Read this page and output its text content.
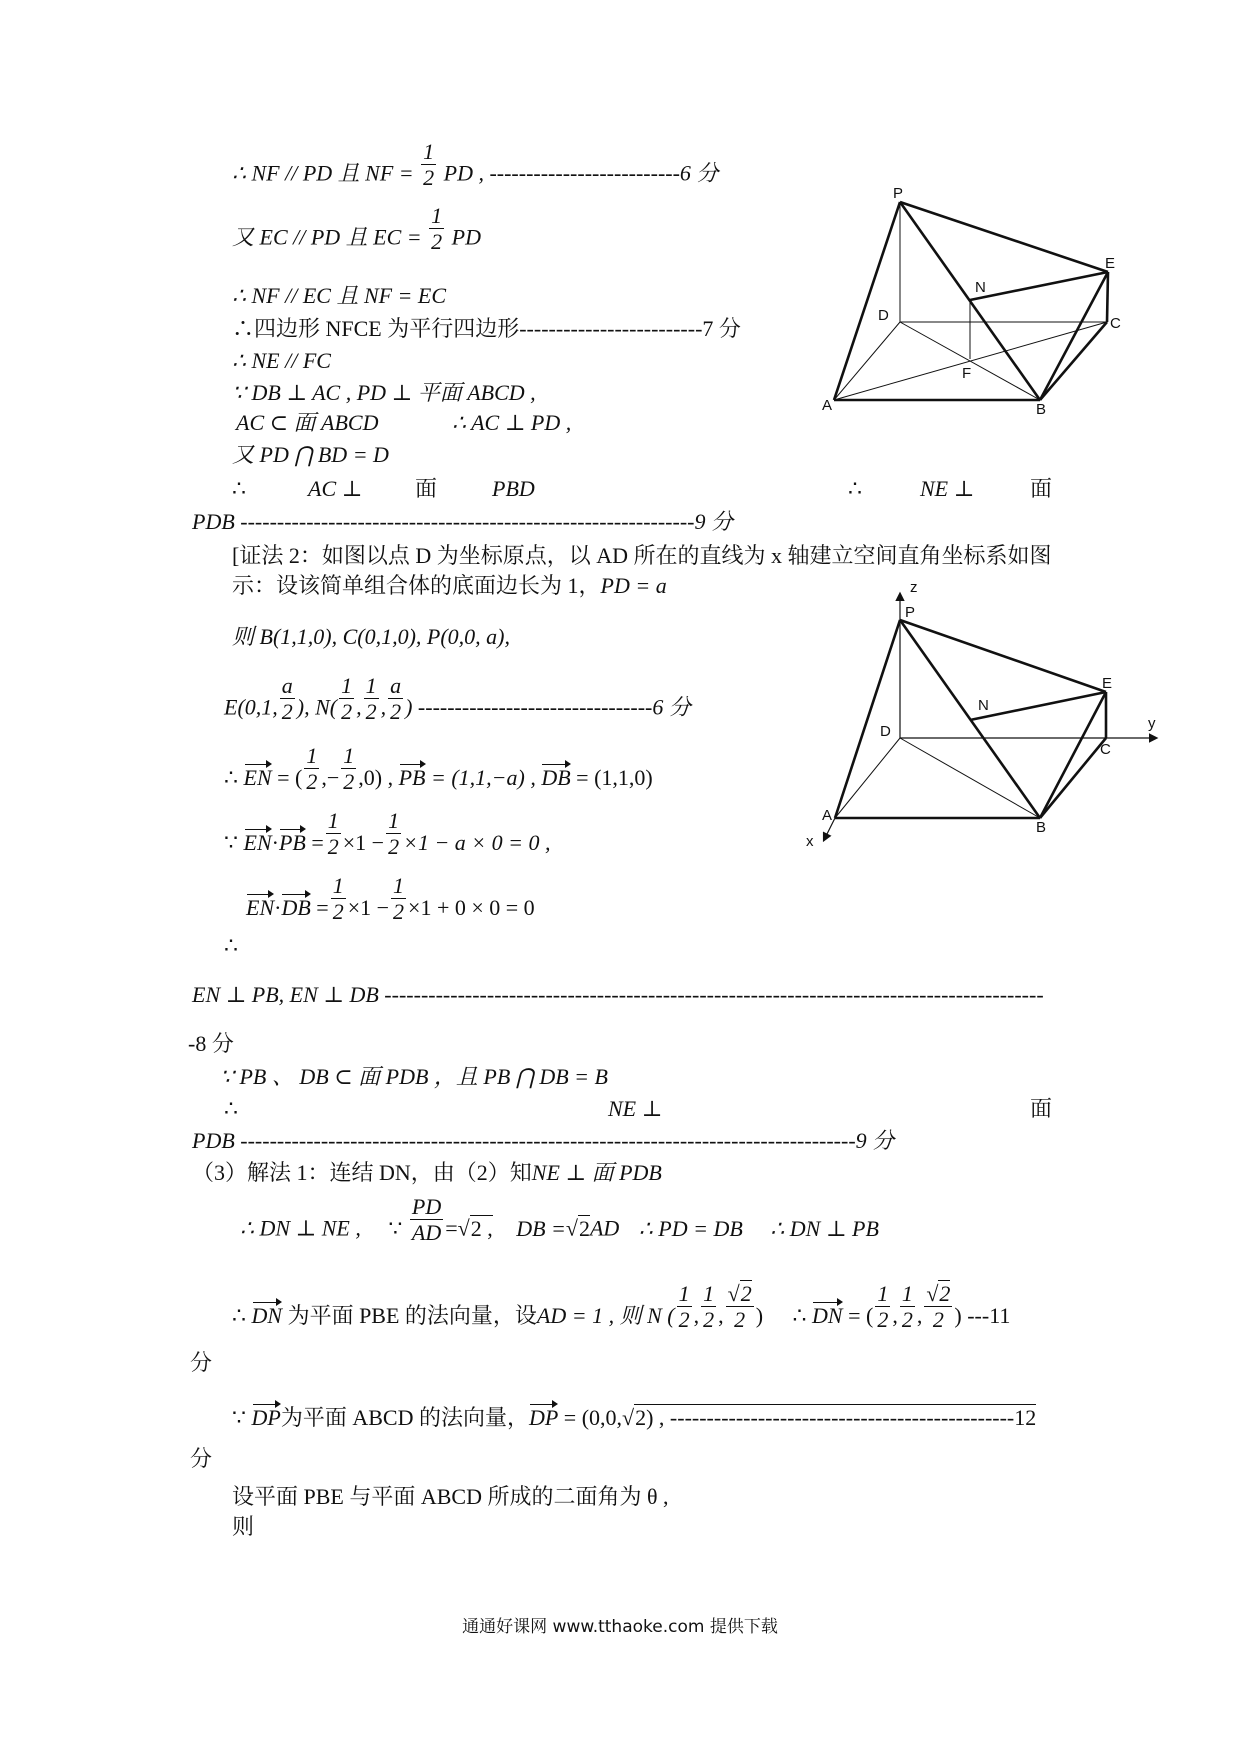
∴ NF // PD 且 NF = $\frac{1}{2}$ PD , --------------------------6 分
又 EC // PD 且 EC = $\frac{1}{2}$ PD
∴ NF // EC 且 NF = EC
∴四边形 NFCE 为平行四边形-------------------------7 分
∴ NE // FC
∵ DB ⊥ AC , PD ⊥ 平面 ABCD ,
AC ⊂ 面 ABCD	∴ AC ⊥ PD ,
又 PD ⋂ BD = D
∴	AC ⊥ 面 PBD	∴	NE ⊥	面
PDB --------------------------------------------------------------9 分
[证法 2：如图以点 D 为坐标原点，以 AD 所在的直线为 x 轴建立空间直角坐标系如图
示：设该简单组合体的底面边长为 1，PD = a
则 B(1,1,0), C(0,1,0), P(0,0, a),
E(0,1, $\frac{a}{2}$ ), $N( \frac{1}{2}$ , $\frac{1}{2}$ , $\frac{a}{2}$ ) --------------------------------6 分
∴ EN = ( $\frac{1}{2}$ ,− $\frac{1}{2} ,0$) , PB = (1,1,−a) , DB = (1,1,0)
∵ $EN\cdot PB = \frac{1}{2} \times 1 - \frac{1}{2} \times 1 - a \times 0 = 0$ ,
$EN\cdot DB = \frac{1}{2} \times 1 - \frac{1}{2} \times 1 + 0 \times 0 = 0$
∴
EN ⊥ PB, EN ⊥ DB ------------------------------------------------------------------------------------------
-8 分
∵ PB 、 DB ⊂ 面 PDB ，且 PB ⋂ DB = B
∴	NE ⊥	面
PDB ------------------------------------------------------------------------------------9 分
（3）解法 1：连结 DN，由（2）知NE ⊥ 面 PDB
∴ DN ⊥ NE , ∵ $\frac{PD}{AD} =√2$ , DB =√2AD ∴ PD = DB ∴ DN ⊥ PB
∴ DN 为平面 PBE 的法向量，设AD = 1 , 则 N ( $\frac{1}{2}$ , $\frac{1}{2}$ , $\frac{√2}{2}$ ) ∴ DN = ( $\frac{1}{2}$ , $\frac{1}{2}$ , $\frac{√2}{2}$ ) ---11
分
∵ DP为平面 ABCD 的法向量，DP = (0,0,√2) , -----------------------------------------------12
分
设平面 PBE 与平面 ABCD 所成的二面角为 θ ,
则
P
E
N
D	C
F
A	B
z
P
E
N
D	y
C
A
B
x
通通好课网 www.tthaoke.com 提供下载
